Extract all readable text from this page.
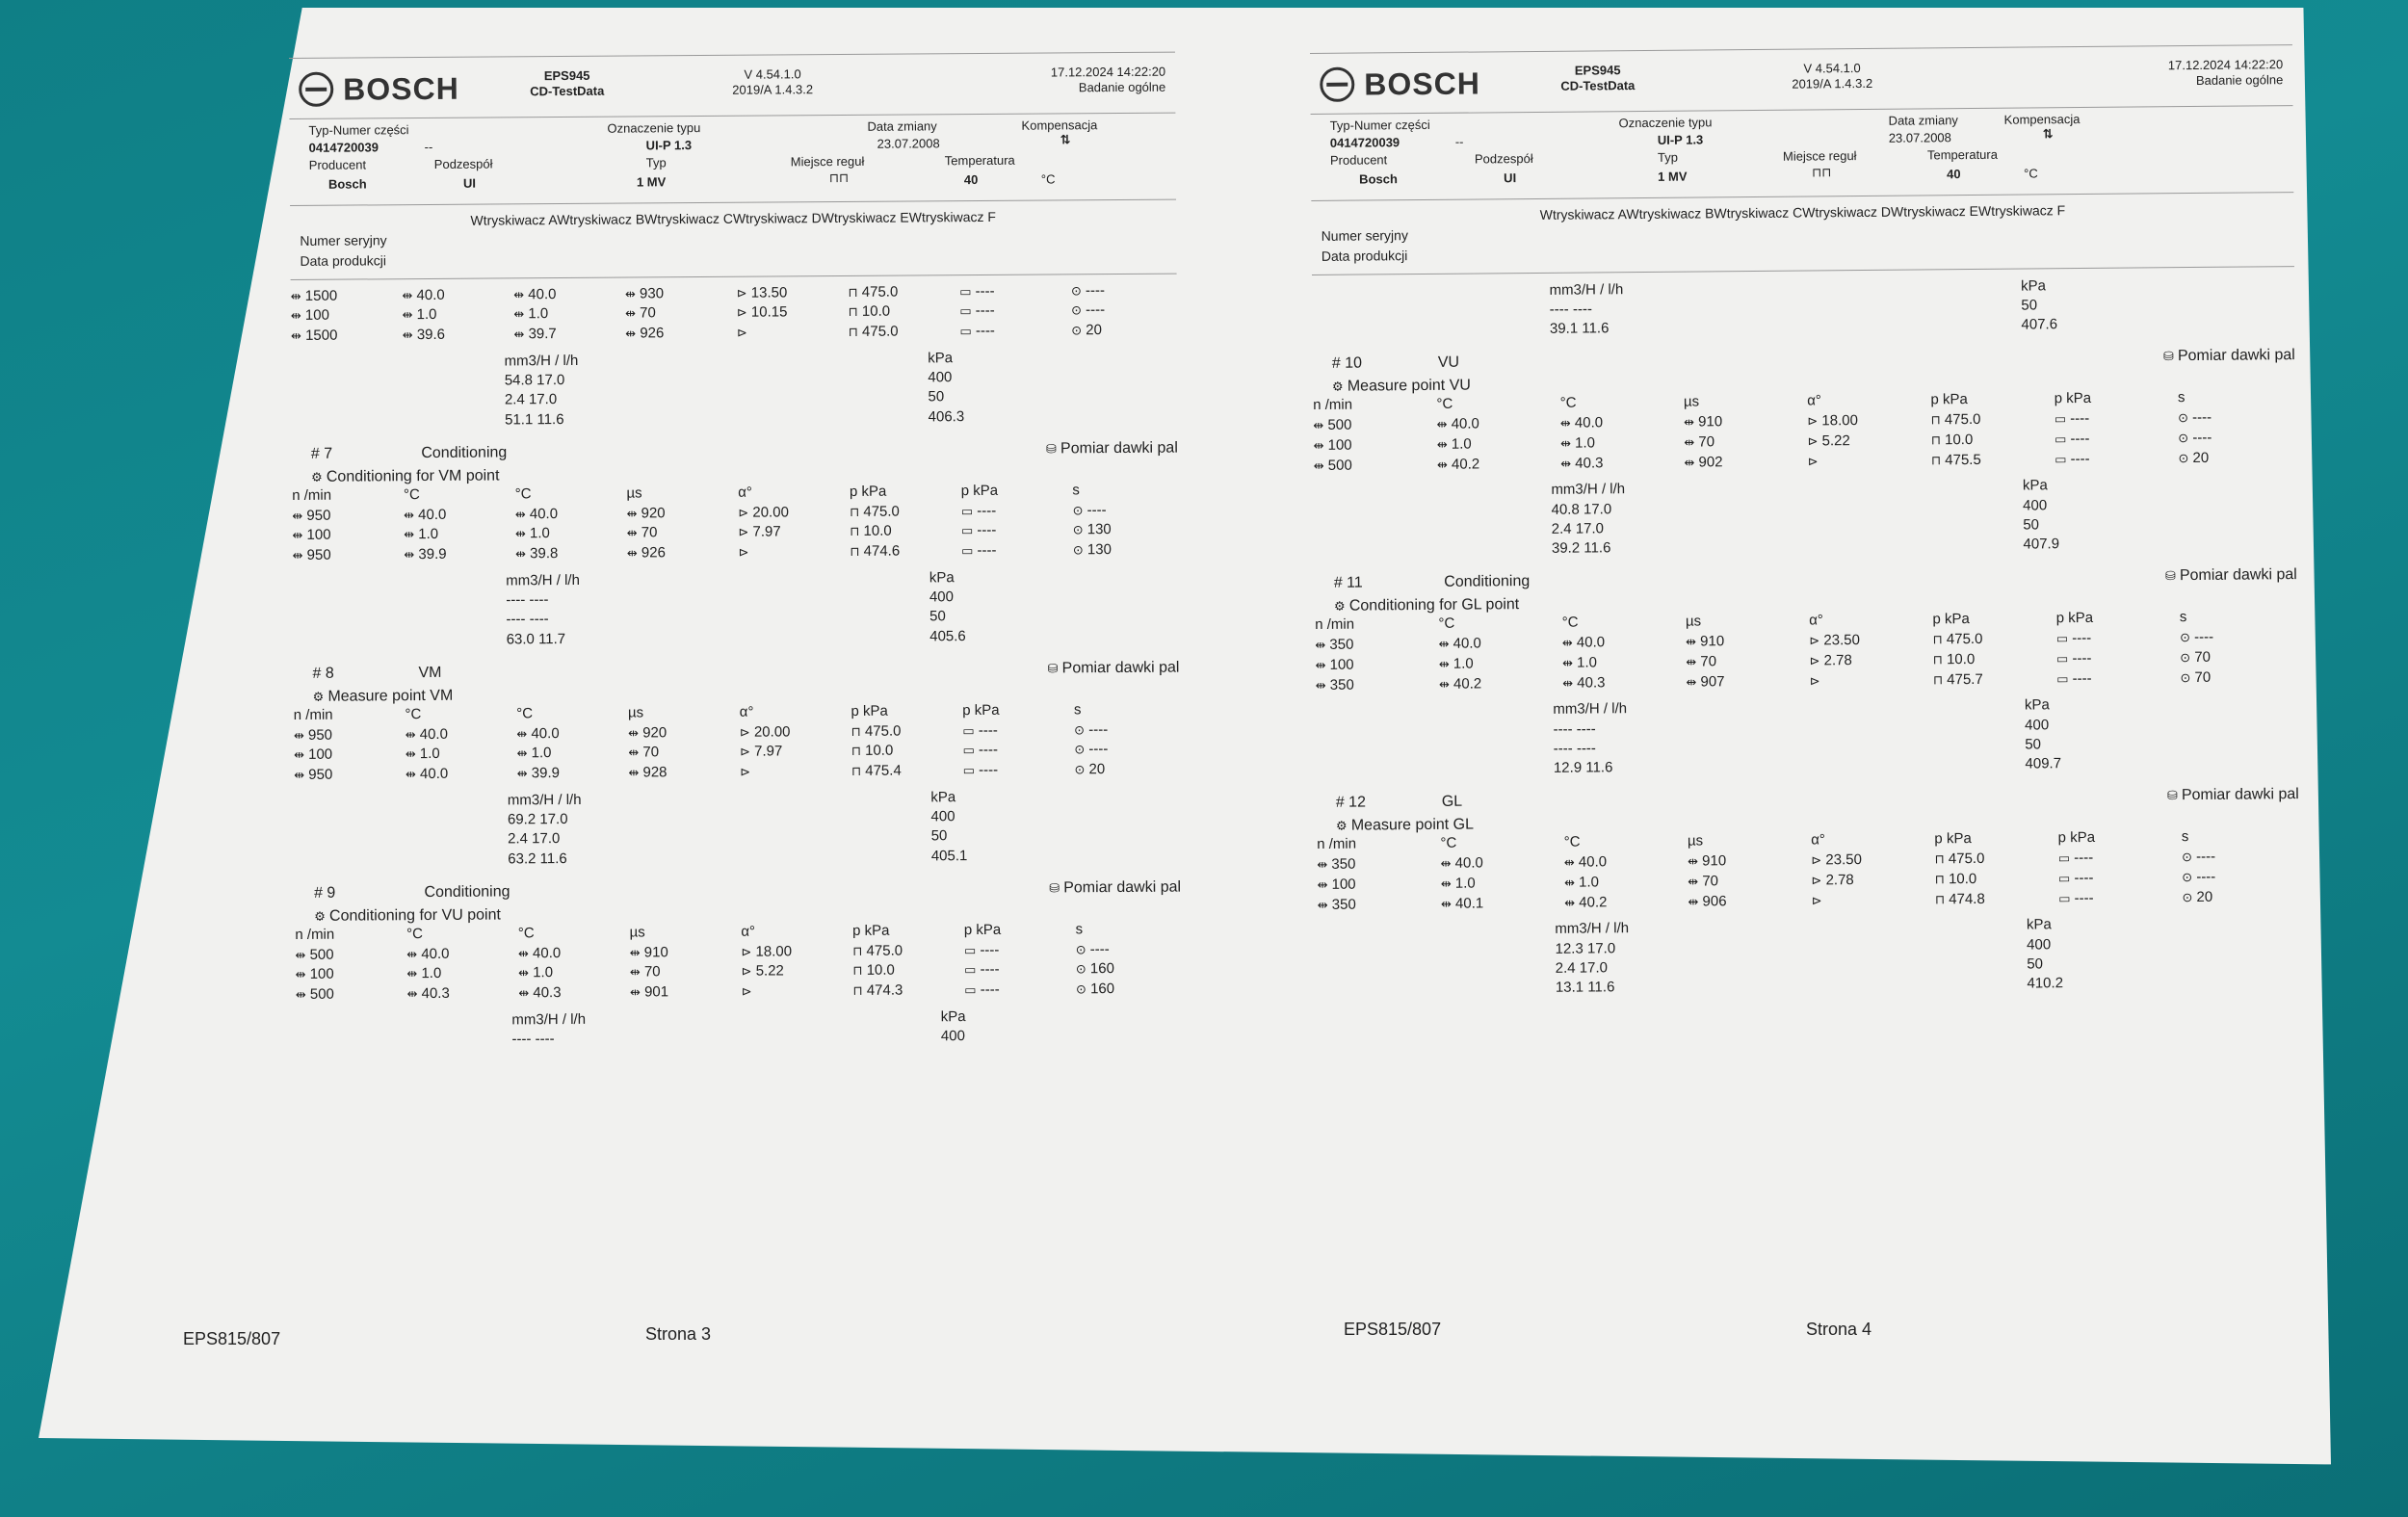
BOSCH	EPS945
CD-TestData
V 4.54.1.0
2019/A 1.4.3.2
17.12.2024 14:22:20
Badanie ogólne
Typ-Numer części
0414720039	--
Oznaczenie typu
UI-P 1.3
Data zmiany
23.07.2008
Kompensacja
⇅
Producent
Bosch
Podzespół
UI
Typ
1 MV
Miejsce reguł
⊓⊓
Temperatura
40	°C
Wtryskiwacz AWtryskiwacz BWtryskiwacz CWtryskiwacz DWtryskiwacz EWtryskiwacz F
Numer seryjny
Data produkcji
⇹ 1500	⇹ 40.0	⇹ 40.0	⇹ 930	⊳ 13.50	⊓ 475.0	▭ ----	⊙ ----
⇹ 100	⇹ 1.0	⇹ 1.0	⇹ 70	⊳ 10.15	⊓ 10.0	▭ ----	⊙ ----
⇹ 1500	⇹ 39.6	⇹ 39.7	⇹ 926	⊳	⊓ 475.0	▭ ----	⊙ 20
mm3/H / l/h
54.8 17.0
2.4 17.0
51.1 11.6
kPa
400
50
406.3
# 7	Conditioning	⛁ Pomiar dawki pal
⚙ Conditioning for VM point
n /min	°C	°C	µs	α°	p kPa	p kPa	s
⇹ 950	⇹ 40.0	⇹ 40.0	⇹ 920	⊳ 20.00	⊓ 475.0	▭ ----	⊙ ----
⇹ 100	⇹ 1.0	⇹ 1.0	⇹ 70	⊳ 7.97	⊓ 10.0	▭ ----	⊙ 130
⇹ 950	⇹ 39.9	⇹ 39.8	⇹ 926	⊳	⊓ 474.6	▭ ----	⊙ 130
mm3/H / l/h
---- ----
---- ----
63.0 11.7
kPa
400
50
405.6
# 8	VM	⛁ Pomiar dawki pal
⚙ Measure point VM
n /min	°C	°C	µs	α°	p kPa	p kPa	s
⇹ 950	⇹ 40.0	⇹ 40.0	⇹ 920	⊳ 20.00	⊓ 475.0	▭ ----	⊙ ----
⇹ 100	⇹ 1.0	⇹ 1.0	⇹ 70	⊳ 7.97	⊓ 10.0	▭ ----	⊙ ----
⇹ 950	⇹ 40.0	⇹ 39.9	⇹ 928	⊳	⊓ 475.4	▭ ----	⊙ 20
mm3/H / l/h
69.2 17.0
2.4 17.0
63.2 11.6
kPa
400
50
405.1
# 9	Conditioning	⛁ Pomiar dawki pal
⚙ Conditioning for VU point
n /min	°C	°C	µs	α°	p kPa	p kPa	s
⇹ 500	⇹ 40.0	⇹ 40.0	⇹ 910	⊳ 18.00	⊓ 475.0	▭ ----	⊙ ----
⇹ 100	⇹ 1.0	⇹ 1.0	⇹ 70	⊳ 5.22	⊓ 10.0	▭ ----	⊙ 160
⇹ 500	⇹ 40.3	⇹ 40.3	⇹ 901	⊳	⊓ 474.3	▭ ----	⊙ 160
mm3/H / l/h
---- ----
kPa
400
EPS815/807	Strona 3
BOSCH	EPS945
CD-TestData
V 4.54.1.0
2019/A 1.4.3.2
17.12.2024 14:22:20
Badanie ogólne
Typ-Numer części
0414720039	--
Oznaczenie typu
UI-P 1.3
Data zmiany
23.07.2008
Kompensacja
⇅
Producent
Bosch
Podzespół
UI
Typ
1 MV
Miejsce reguł
⊓⊓
Temperatura
40	°C
Wtryskiwacz AWtryskiwacz BWtryskiwacz CWtryskiwacz DWtryskiwacz EWtryskiwacz F
Numer seryjny
Data produkcji
mm3/H / l/h
---- ----
39.1 11.6
kPa
50
407.6
# 10	VU	⛁ Pomiar dawki pal
⚙ Measure point VU
n /min	°C	°C	µs	α°	p kPa	p kPa	s
⇹ 500	⇹ 40.0	⇹ 40.0	⇹ 910	⊳ 18.00	⊓ 475.0	▭ ----	⊙ ----
⇹ 100	⇹ 1.0	⇹ 1.0	⇹ 70	⊳ 5.22	⊓ 10.0	▭ ----	⊙ ----
⇹ 500	⇹ 40.2	⇹ 40.3	⇹ 902	⊳	⊓ 475.5	▭ ----	⊙ 20
mm3/H / l/h
40.8 17.0
2.4 17.0
39.2 11.6
kPa
400
50
407.9
# 11	Conditioning	⛁ Pomiar dawki pal
⚙ Conditioning for GL point
n /min	°C	°C	µs	α°	p kPa	p kPa	s
⇹ 350	⇹ 40.0	⇹ 40.0	⇹ 910	⊳ 23.50	⊓ 475.0	▭ ----	⊙ ----
⇹ 100	⇹ 1.0	⇹ 1.0	⇹ 70	⊳ 2.78	⊓ 10.0	▭ ----	⊙ 70
⇹ 350	⇹ 40.2	⇹ 40.3	⇹ 907	⊳	⊓ 475.7	▭ ----	⊙ 70
mm3/H / l/h
---- ----
---- ----
12.9 11.6
kPa
400
50
409.7
# 12	GL	⛁ Pomiar dawki pal
⚙ Measure point GL
n /min	°C	°C	µs	α°	p kPa	p kPa	s
⇹ 350	⇹ 40.0	⇹ 40.0	⇹ 910	⊳ 23.50	⊓ 475.0	▭ ----	⊙ ----
⇹ 100	⇹ 1.0	⇹ 1.0	⇹ 70	⊳ 2.78	⊓ 10.0	▭ ----	⊙ ----
⇹ 350	⇹ 40.1	⇹ 40.2	⇹ 906	⊳	⊓ 474.8	▭ ----	⊙ 20
mm3/H / l/h
12.3 17.0
2.4 17.0
13.1 11.6
kPa
400
50
410.2
EPS815/807	Strona 4
